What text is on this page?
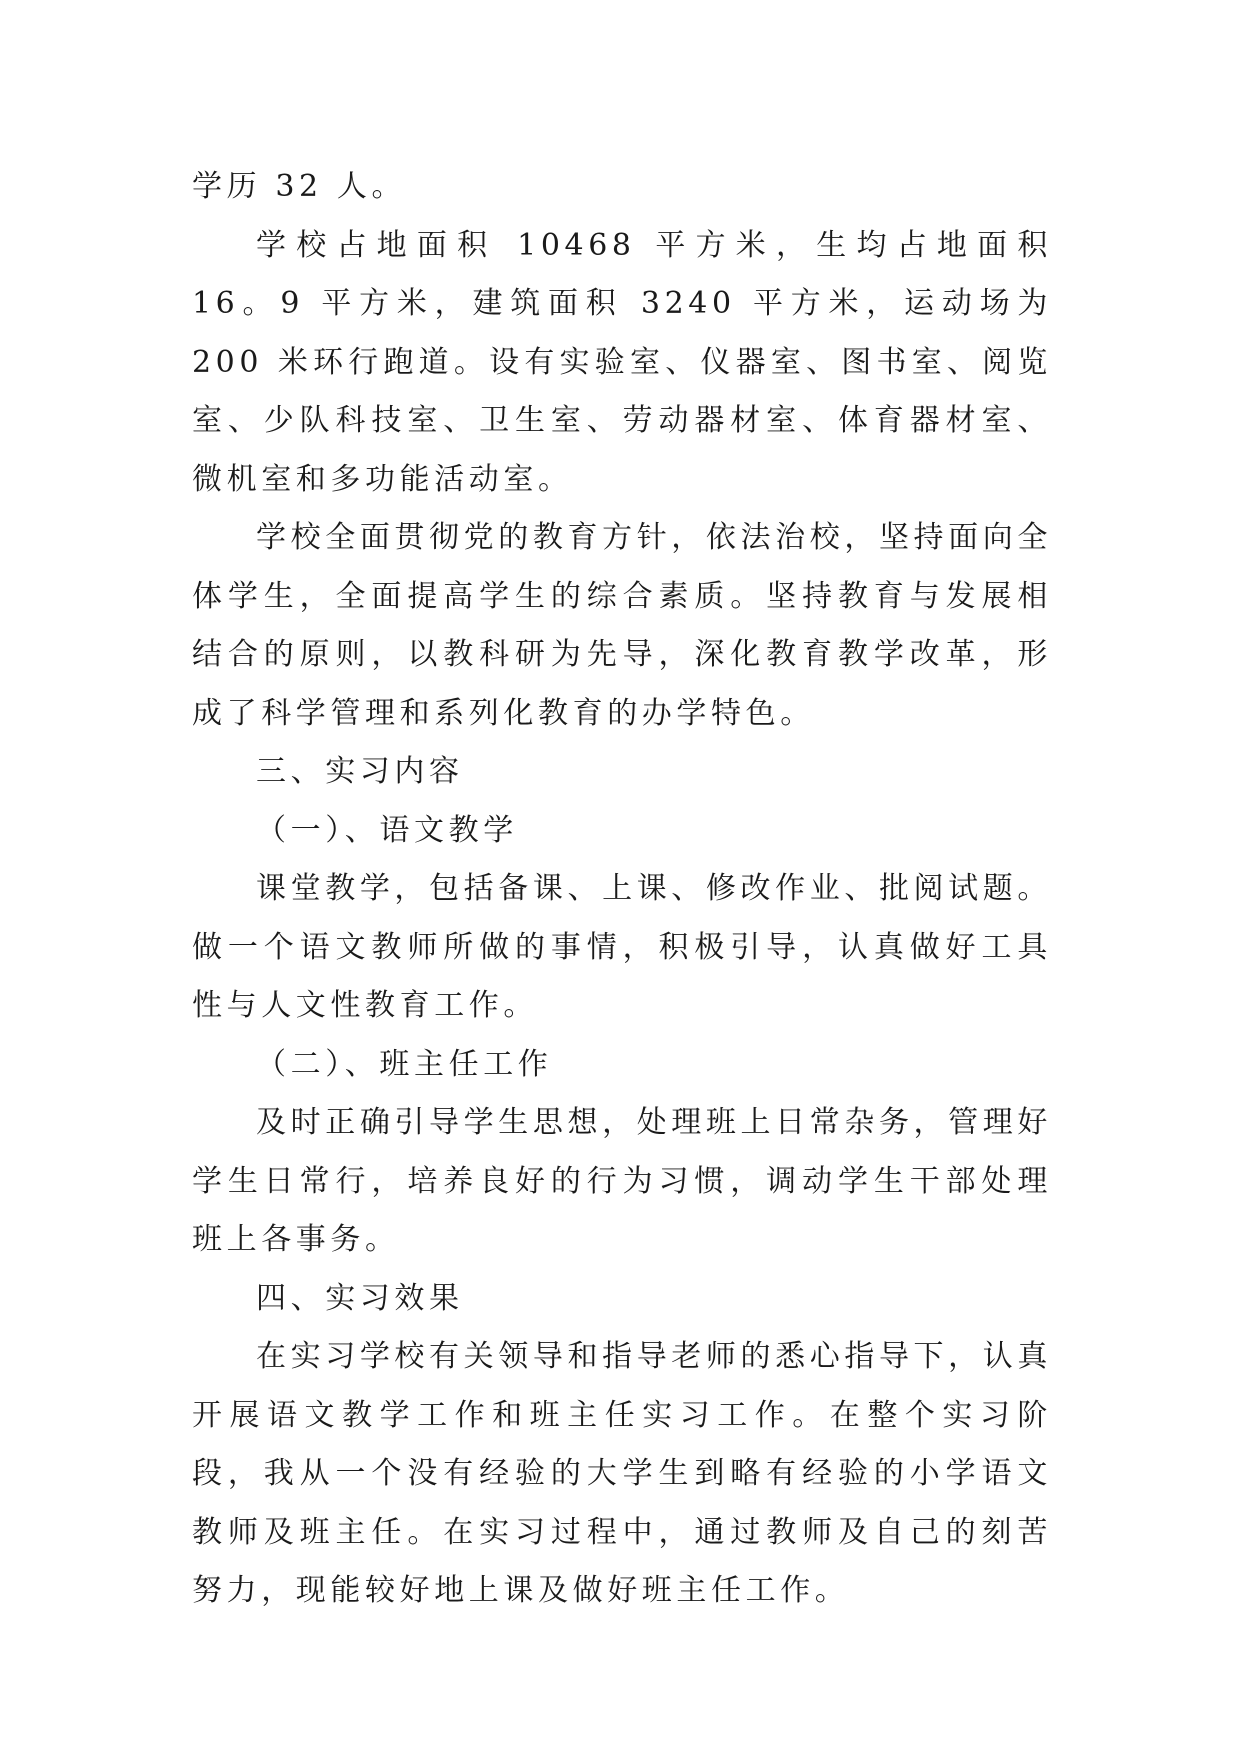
学历 32 人。

学校占地面积 10468 平方米，生均占地面积 16。9 平方米，建筑面积 3240 平方米，运动场为 200 米环行跑道。设有实验室、仪器室、图书室、阅览室、少队科技室、卫生室、劳动器材室、体育器材室、微机室和多功能活动室。

学校全面贯彻党的教育方针，依法治校，坚持面向全体学生，全面提高学生的综合素质。坚持教育与发展相结合的原则，以教科研为先导，深化教育教学改革，形成了科学管理和系列化教育的办学特色。

三、实习内容

（一）、语文教学

课堂教学，包括备课、上课、修改作业、批阅试题。做一个语文教师所做的事情，积极引导，认真做好工具性与人文性教育工作。

（二）、班主任工作

及时正确引导学生思想，处理班上日常杂务，管理好学生日常行，培养良好的行为习惯，调动学生干部处理班上各事务。

四、实习效果

在实习学校有关领导和指导老师的悉心指导下，认真开展语文教学工作和班主任实习工作。在整个实习阶段，我从一个没有经验的大学生到略有经验的小学语文教师及班主任。在实习过程中，通过教师及自己的刻苦努力，现能较好地上课及做好班主任工作。
